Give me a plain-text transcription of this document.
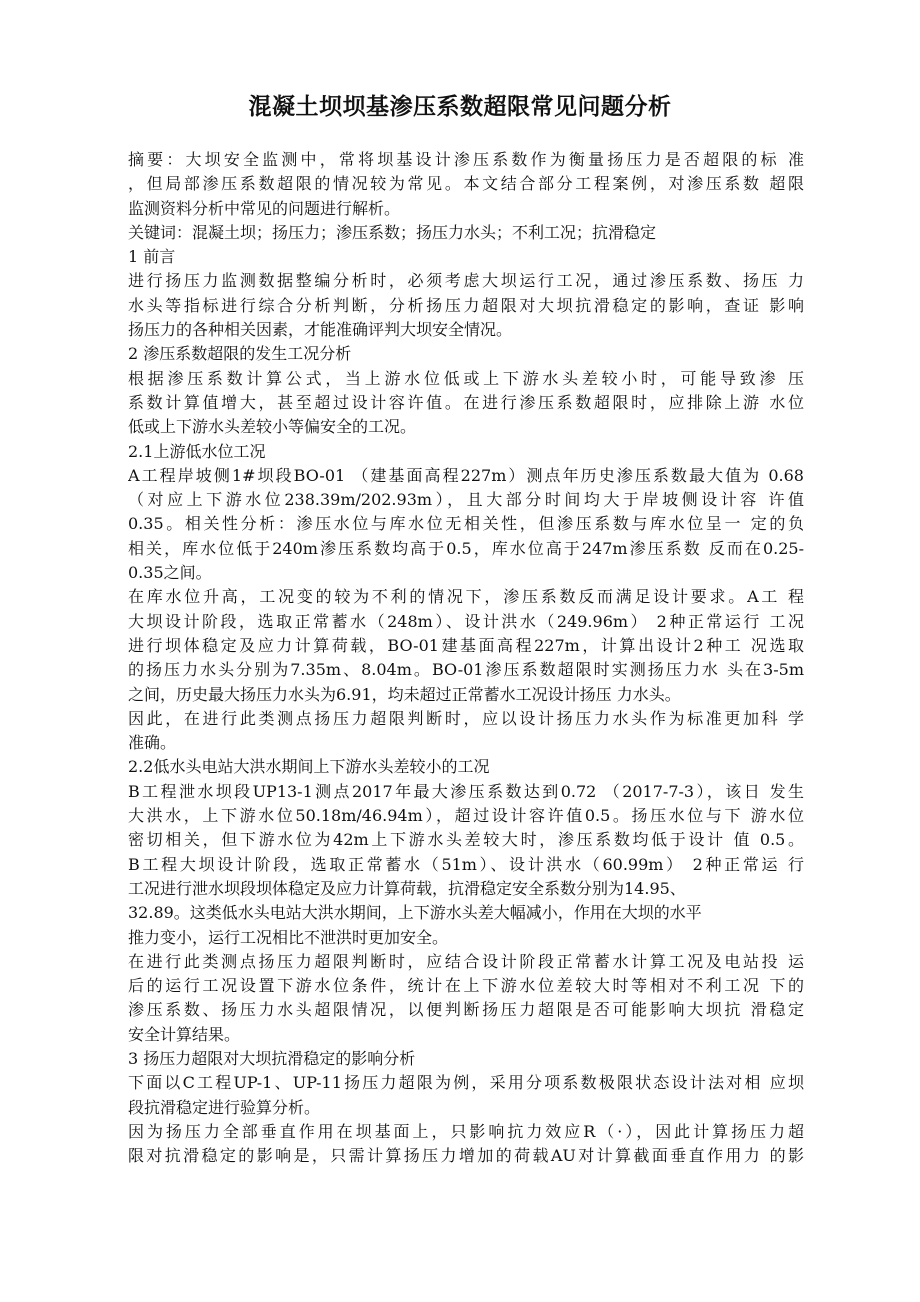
混凝土坝坝基渗压系数超限常见问题分析
摘要：大坝安全监测中，常将坝基设计渗压系数作为衡量扬压力是否超限的标 准
，但局部渗压系数超限的情况较为常见。本文结合部分工程案例，对渗压系数 超限
监测资料分析中常见的问题进行解析。
关键词：混凝土坝；扬压力；渗压系数；扬压力水头；不利工况；抗滑稳定
1 前言
进行扬压力监测数据整编分析时，必须考虑大坝运行工况，通过渗压系数、扬压 力
水头等指标进行综合分析判断，分析扬压力超限对大坝抗滑稳定的影响，查证 影响
扬压力的各种相关因素，才能准确评判大坝安全情况。
2 渗压系数超限的发生工况分析
根据渗压系数计算公式，当上游水位低或上下游水头差较小时，可能导致渗 压
系数计算值增大，甚至超过设计容许值。在进行渗压系数超限时，应排除上游 水位
低或上下游水头差较小等偏安全的工况。
2.1上游低水位工况
A工程岸坡侧1#坝段BO-01 （建基面高程227m）测点年历史渗压系数最大值为 0.68
（对应上下游水位238.39m/202.93m），且大部分时间均大于岸坡侧设计容 许值
0.35。相关性分析：渗压水位与库水位无相关性，但渗压系数与库水位呈一 定的负
相关，库水位低于240m渗压系数均高于0.5，库水位高于247m渗压系数 反而在0.25-
0.35之间。
在库水位升高，工况变的较为不利的情况下，渗压系数反而满足设计要求。A工 程
大坝设计阶段，选取正常蓄水（248m）、设计洪水（249.96m） 2种正常运行 工况
进行坝体稳定及应力计算荷载，BO-01建基面高程227m，计算出设计2种工 况选取
的扬压力水头分别为7.35m、8.04m。BO-01渗压系数超限时实测扬压力水 头在3-5m
之间，历史最大扬压力水头为6.91，均未超过正常蓄水工况设计扬压 力水头。
因此，在进行此类测点扬压力超限判断时，应以设计扬压力水头作为标准更加科 学
准确。
2.2低水头电站大洪水期间上下游水头差较小的工况
B工程泄水坝段UP13-1测点2017年最大渗压系数达到0.72 （2017-7-3），该日 发生
大洪水，上下游水位50.18m/46.94m），超过设计容许值0.5。扬压水位与下 游水位
密切相关，但下游水位为42m上下游水头差较大时，渗压系数均低于设计 值 0.5。
B工程大坝设计阶段，选取正常蓄水（51m）、设计洪水（60.99m） 2种正常运 行
工况进行泄水坝段坝体稳定及应力计算荷载，抗滑稳定安全系数分别为14.95、
32.89。这类低水头电站大洪水期间，上下游水头差大幅减小，作用在大坝的水平
推力变小，运行工况相比不泄洪时更加安全。
在进行此类测点扬压力超限判断时，应结合设计阶段正常蓄水计算工况及电站投 运
后的运行工况设置下游水位条件，统计在上下游水位差较大时等相对不利工况 下的
渗压系数、扬压力水头超限情况，以便判断扬压力超限是否可能影响大坝抗 滑稳定
安全计算结果。
3 扬压力超限对大坝抗滑稳定的影响分析
下面以C工程UP-1、UP-11扬压力超限为例，采用分项系数极限状态设计法对相 应坝
段抗滑稳定进行验算分析。
因为扬压力全部垂直作用在坝基面上，只影响抗力效应R（·），因此计算扬压力超
限对抗滑稳定的影响是，只需计算扬压力增加的荷载AU对计算截面垂直作用力 的影
